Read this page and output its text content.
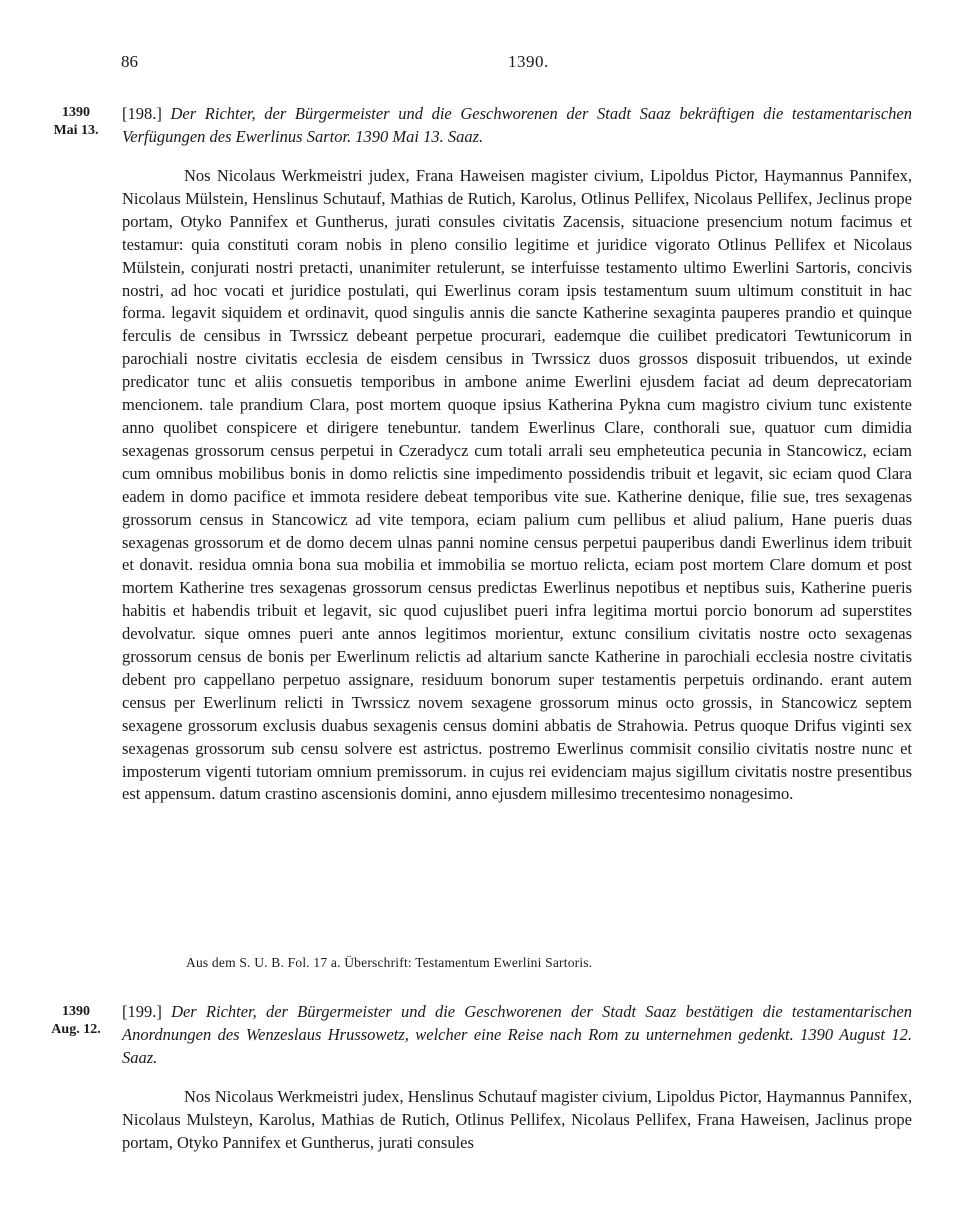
86	1390.
1390
Mai 13.

[198.] Der Richter, der Bürgermeister und die Geschworenen der Stadt Saaz bekräftigen die testamentarischen Verfügungen des Ewerlinus Sartor. 1390 Mai 13. Saaz.

Nos Nicolaus Werkmeistri judex, Frana Haweisen magister civium, Lipoldus Pictor, Haymannus Pannifex, Nicolaus Mülstein, Henslinus Schutauf, Mathias de Rutich, Karolus, Otlinus Pellifex, Nicolaus Pellifex, Jeclinus prope portam, Otyko Pannifex et Guntherus, jurati consules civitatis Zacensis, situacione presencium notum facimus et testamur: quia constituti coram nobis in pleno consilio legitime et juridice vigorato Otlinus Pellifex et Nicolaus Mülstein, conjurati nostri pretacti, unanimiter retulerunt, se interfuisse testamento ultimo Ewerlini Sartoris, concivis nostri, ad hoc vocati et juridice postulati, qui Ewerlinus coram ipsis testamentum suum ultimum constituit in hac forma. legavit siquidem et ordinavit, quod singulis annis die sancte Katherine sexaginta pauperes prandio et quinque ferculis de censibus in Twrssicz debeant perpetue procurari, eademque die cuilibet predicatori Tewtunicorum in parochiali nostre civitatis ecclesia de eisdem censibus in Twrssicz duos grossos disposuit tribuendos, ut exinde predicator tunc et aliis consuetis temporibus in ambone anime Ewerlini ejusdem faciat ad deum deprecatoriam mencionem. tale prandium Clara, post mortem quoque ipsius Katherina Pykna cum magistro civium tunc existente anno quolibet conspicere et dirigere tenebuntur. tandem Ewerlinus Clare, conthorali sue, quatuor cum dimidia sexagenas grossorum census perpetui in Czeradycz cum totali arrali seu empheteutica pecunia in Stancowicz, eciam cum omnibus mobilibus bonis in domo relictis sine impedimento possidendis tribuit et legavit, sic eciam quod Clara eadem in domo pacifice et immota residere debeat temporibus vite sue. Katherine denique, filie sue, tres sexagenas grossorum census in Stancowicz ad vite tempora, eciam palium cum pellibus et aliud palium, Hane pueris duas sexagenas grossorum et de domo decem ulnas panni nomine census perpetui pauperibus dandi Ewerlinus idem tribuit et donavit. residua omnia bona sua mobilia et immobilia se mortuo relicta, eciam post mortem Clare domum et post mortem Katherine tres sexagenas grossorum census predictas Ewerlinus nepotibus et neptibus suis, Katherine pueris habitis et habendis tribuit et legavit, sic quod cujuslibet pueri infra legitima mortui porcio bonorum ad superstites devolvatur. sique omnes pueri ante annos legitimos morientur, extunc consilium civitatis nostre octo sexagenas grossorum census de bonis per Ewerlinum relictis ad altarium sancte Katherine in parochiali ecclesia nostre civitatis debent pro cappellano perpetuo assignare, residuum bonorum super testamentis perpetuis ordinando. erant autem census per Ewerlinum relicti in Twrssicz novem sexagene grossorum minus octo grossis, in Stancowicz septem sexagene grossorum exclusis duabus sexagenis census domini abbatis de Strahowia. Petrus quoque Drifus viginti sex sexagenas grossorum sub censu solvere est astrictus. postremo Ewerlinus commisit consilio civitatis nostre nunc et imposterum vigenti tutoriam omnium premissorum. in cujus rei evidenciam majus sigillum civitatis nostre presentibus est appensum. datum crastino ascensionis domini, anno ejusdem millesimo trecentesimo nonagesimo.

Aus dem S. U. B. Fol. 17 a. Überschrift: Testamentum Ewerlini Sartoris.
1390
Aug. 12.

[199.] Der Richter, der Bürgermeister und die Geschworenen der Stadt Saaz bestätigen die testamentarischen Anordnungen des Wenzeslaus Hrussowetz, welcher eine Reise nach Rom zu unternehmen gedenkt. 1390 August 12. Saaz.

Nos Nicolaus Werkmeistri judex, Henslinus Schutauf magister civium, Lipoldus Pictor, Haymannus Pannifex, Nicolaus Mulsteyn, Karolus, Mathias de Rutich, Otlinus Pellifex, Nicolaus Pellifex, Frana Haweisen, Jaclinus prope portam, Otyko Pannifex et Guntherus, jurati consules
